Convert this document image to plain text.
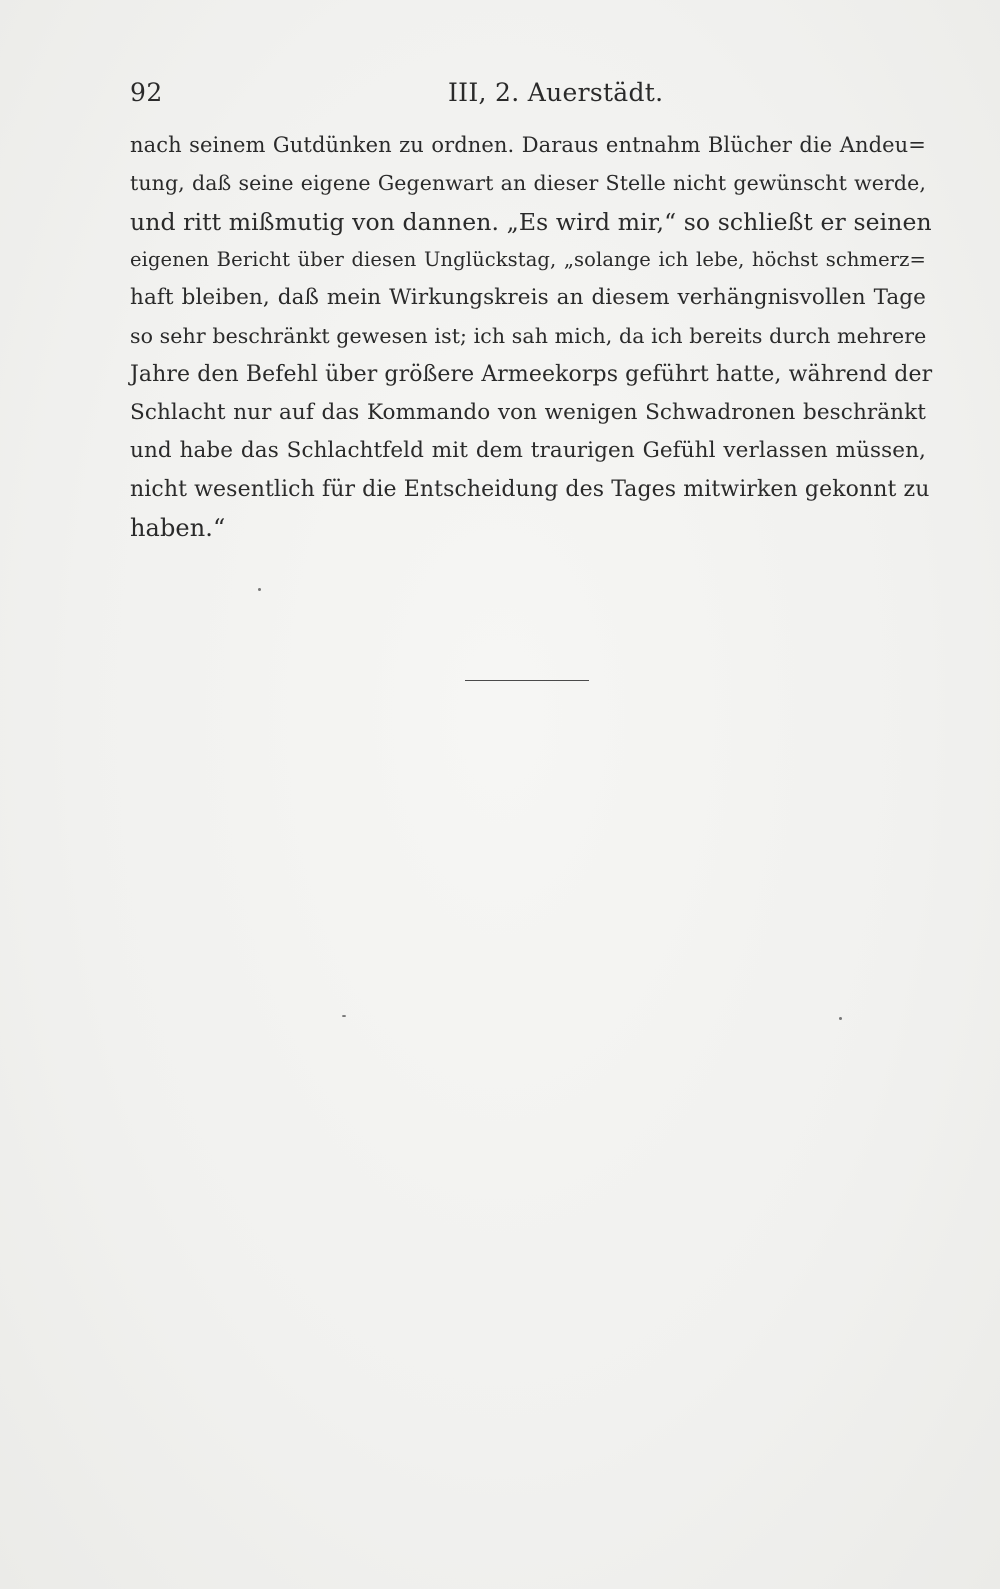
92	III, 2. Auerstädt.
nach seinem Gutdünken zu ordnen. Daraus entnahm Blücher die Andeu=
tung, daß seine eigene Gegenwart an dieser Stelle nicht gewünscht werde,
und ritt mißmutig von dannen. „Es wird mir,“ so schließt er seinen
eigenen Bericht über diesen Unglückstag, „solange ich lebe, höchst schmerz=
haft bleiben, daß mein Wirkungskreis an diesem verhängnisvollen Tage
so sehr beschränkt gewesen ist; ich sah mich, da ich bereits durch mehrere
Jahre den Befehl über größere Armeekorps geführt hatte, während der
Schlacht nur auf das Kommando von wenigen Schwadronen beschränkt
und habe das Schlachtfeld mit dem traurigen Gefühl verlassen müssen,
nicht wesentlich für die Entscheidung des Tages mitwirken gekonnt zu
haben.“
